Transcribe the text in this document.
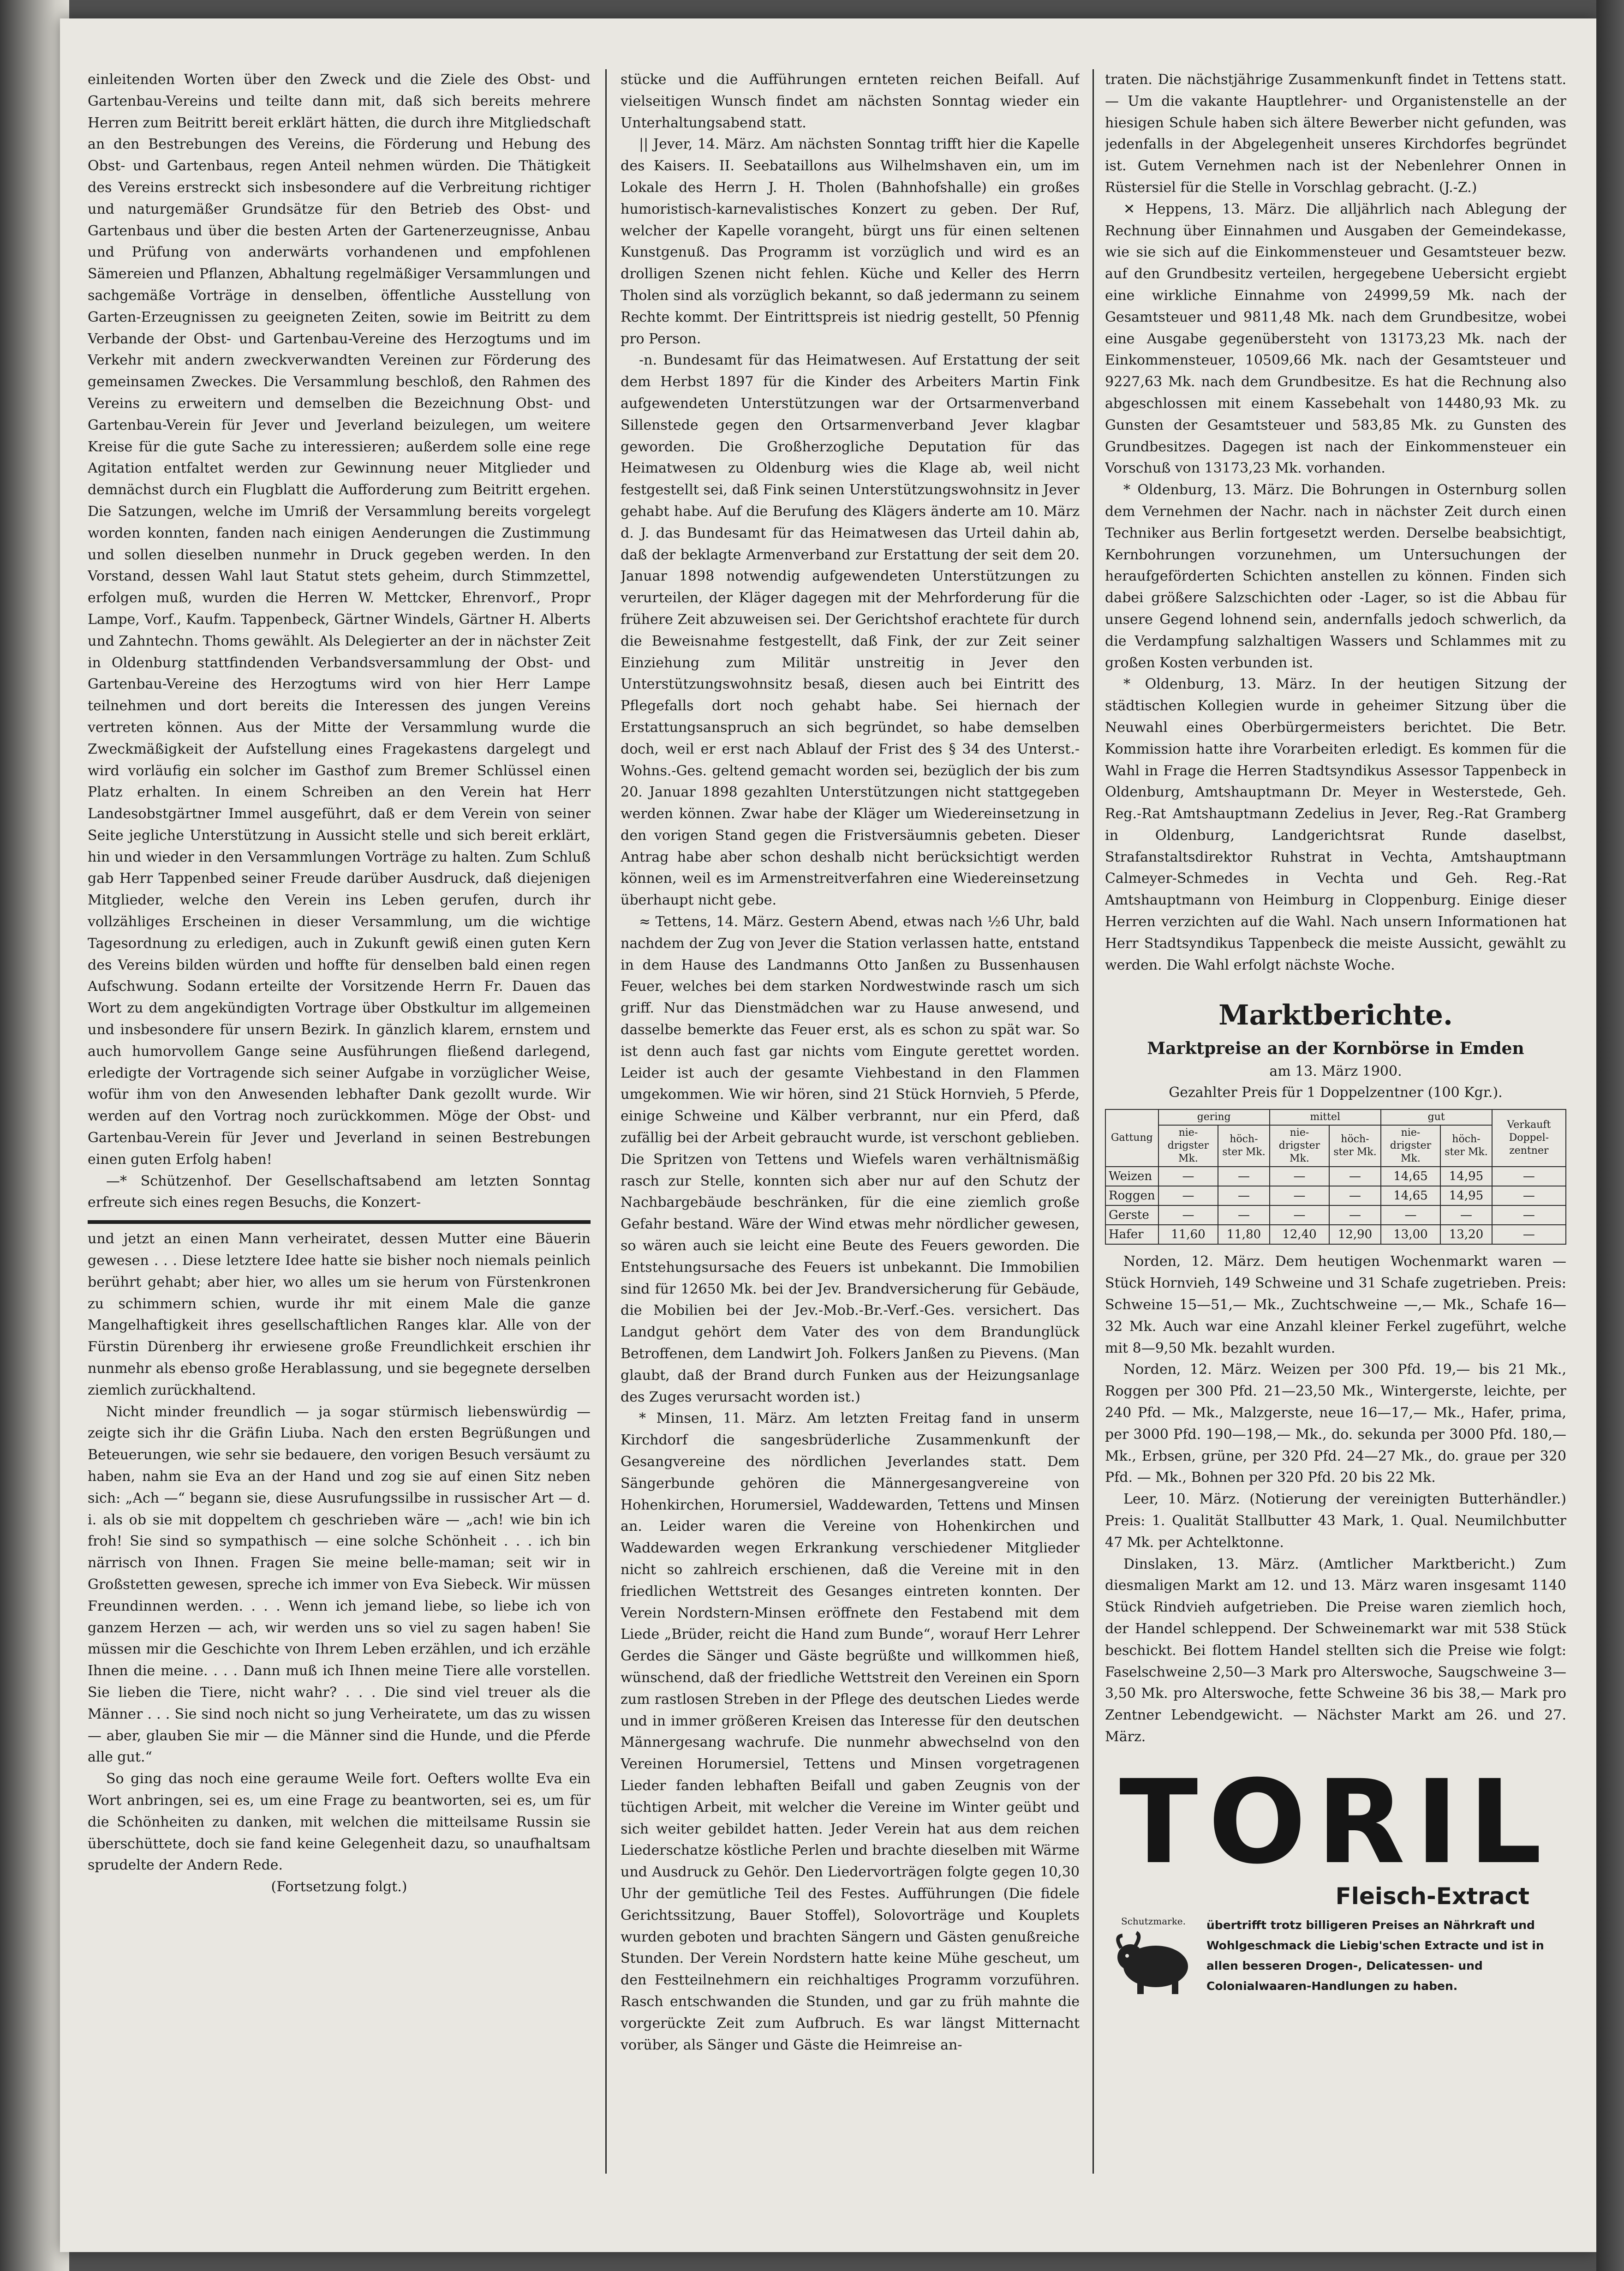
einleitenden Worten über den Zweck und die Ziele des Obst- und Gartenbau-Vereins und teilte dann mit, daß sich bereits mehrere Herren zum Beitritt bereit erklärt hätten, die durch ihre Mitgliedschaft an den Bestrebungen des Vereins, die Förderung und Hebung des Obst- und Gartenbaus, regen Anteil nehmen würden. Die Thätigkeit des Vereins erstreckt sich insbesondere auf die Verbreitung richtiger und naturgemäßer Grundsätze für den Betrieb des Obst- und Gartenbaus und über die besten Arten der Gartenerzeugnisse, Anbau und Prüfung von anderwärts vorhandenen und empfohlenen Sämereien und Pflanzen, Abhaltung regelmäßiger Versammlungen und sachgemäße Vorträge in denselben, öffentliche Ausstellung von Garten-Erzeugnissen zu geeigneten Zeiten, sowie im Beitritt zu dem Verbande der Obst- und Gartenbau-Vereine des Herzogtums und im Verkehr mit andern zweckverwandten Vereinen zur Förderung des gemeinsamen Zweckes. Die Versammlung beschloß, den Rahmen des Vereins zu erweitern und demselben die Bezeichnung Obst- und Gartenbau-Verein für Jever und Jeverland beizulegen, um weitere Kreise für die gute Sache zu interessieren; außerdem solle eine rege Agitation entfaltet werden zur Gewinnung neuer Mitglieder und demnächst durch ein Flugblatt die Aufforderung zum Beitritt ergehen. Die Satzungen, welche im Umriß der Versammlung bereits vorgelegt worden konnten, fanden nach einigen Aenderungen die Zustimmung und sollen dieselben nunmehr in Druck gegeben werden. In den Vorstand, dessen Wahl laut Statut stets geheim, durch Stimmzettel, erfolgen muß, wurden die Herren W. Mettcker, Ehrenvorf., Propr Lampe, Vorf., Kaufm. Tappenbeck, Gärtner Windels, Gärtner H. Alberts und Zahntechn. Thoms gewählt. Als Delegierter an der in nächster Zeit in Oldenburg stattfindenden Verbandsversammlung der Obst- und Gartenbau-Vereine des Herzogtums wird von hier Herr Lampe teilnehmen und dort bereits die Interessen des jungen Vereins vertreten können. Aus der Mitte der Versammlung wurde die Zweckmäßigkeit der Aufstellung eines Fragekastens dargelegt und wird vorläufig ein solcher im Gasthof zum Bremer Schlüssel einen Platz erhalten. In einem Schreiben an den Verein hat Herr Landesobstgärtner Immel ausgeführt, daß er dem Verein von seiner Seite jegliche Unterstützung in Aussicht stelle und sich bereit erklärt, hin und wieder in den Versammlungen Vorträge zu halten. Zum Schluß gab Herr Tappenbed seiner Freude darüber Ausdruck, daß diejenigen Mitglieder, welche den Verein ins Leben gerufen, durch ihr vollzähliges Erscheinen in dieser Versammlung, um die wichtige Tagesordnung zu erledigen, auch in Zukunft gewiß einen guten Kern des Vereins bilden würden und hoffte für denselben bald einen regen Aufschwung. Sodann erteilte der Vorsitzende Herrn Fr. Dauen das Wort zu dem angekündigten Vortrage über Obstkultur im allgemeinen und insbesondere für unsern Bezirk. In gänzlich klarem, ernstem und auch humorvollem Gange seine Ausführungen fließend darlegend, erledigte der Vortragende sich seiner Aufgabe in vorzüglicher Weise, wofür ihm von den Anwesenden lebhafter Dank gezollt wurde. Wir werden auf den Vortrag noch zurückkommen. Möge der Obst- und Gartenbau-Verein für Jever und Jeverland in seinen Bestrebungen einen guten Erfolg haben!

—* Schützenhof. Der Gesellschaftsabend am letzten Sonntag erfreute sich eines regen Besuchs, die Konzert-

und jetzt an einen Mann verheiratet, dessen Mutter eine Bäuerin gewesen . . . Diese letztere Idee hatte sie bisher noch niemals peinlich berührt gehabt; aber hier, wo alles um sie herum von Fürstenkronen zu schimmern schien, wurde ihr mit einem Male die ganze Mangelhaftigkeit ihres gesellschaftlichen Ranges klar. Alle von der Fürstin Dürenberg ihr erwiesene große Freundlichkeit erschien ihr nunmehr als ebenso große Herablassung, und sie begegnete derselben ziemlich zurückhaltend.

Nicht minder freundlich — ja sogar stürmisch liebenswürdig — zeigte sich ihr die Gräfin Liuba. Nach den ersten Begrüßungen und Beteuerungen, wie sehr sie bedauere, den vorigen Besuch versäumt zu haben, nahm sie Eva an der Hand und zog sie auf einen Sitz neben sich: „Ach —“ begann sie, diese Ausrufungssilbe in russischer Art — d. i. als ob sie mit doppeltem ch geschrieben wäre — „ach! wie bin ich froh! Sie sind so sympathisch — eine solche Schönheit . . . ich bin närrisch von Ihnen. Fragen Sie meine belle-maman; seit wir in Großstetten gewesen, spreche ich immer von Eva Siebeck. Wir müssen Freundinnen werden. . . . Wenn ich jemand liebe, so liebe ich von ganzem Herzen — ach, wir werden uns so viel zu sagen haben! Sie müssen mir die Geschichte von Ihrem Leben erzählen, und ich erzähle Ihnen die meine. . . . Dann muß ich Ihnen meine Tiere alle vorstellen. Sie lieben die Tiere, nicht wahr? . . . Die sind viel treuer als die Männer . . . Sie sind noch nicht so jung Verheiratete, um das zu wissen — aber, glauben Sie mir — die Männer sind die Hunde, und die Pferde alle gut.“

So ging das noch eine geraume Weile fort. Oefters wollte Eva ein Wort anbringen, sei es, um eine Frage zu beantworten, sei es, um für die Schönheiten zu danken, mit welchen die mitteilsame Russin sie überschüttete, doch sie fand keine Gelegenheit dazu, so unaufhaltsam sprudelte der Andern Rede.

(Fortsetzung folgt.)

stücke und die Aufführungen ernteten reichen Beifall. Auf vielseitigen Wunsch findet am nächsten Sonntag wieder ein Unterhaltungsabend statt.

|| Jever, 14. März. Am nächsten Sonntag trifft hier die Kapelle des Kaisers. II. Seebataillons aus Wilhelmshaven ein, um im Lokale des Herrn J. H. Tholen (Bahnhofshalle) ein großes humoristisch-karnevalistisches Konzert zu geben. Der Ruf, welcher der Kapelle vorangeht, bürgt uns für einen seltenen Kunstgenuß. Das Programm ist vorzüglich und wird es an drolligen Szenen nicht fehlen. Küche und Keller des Herrn Tholen sind als vorzüglich bekannt, so daß jedermann zu seinem Rechte kommt. Der Eintrittspreis ist niedrig gestellt, 50 Pfennig pro Person.

-n. Bundesamt für das Heimatwesen. Auf Erstattung der seit dem Herbst 1897 für die Kinder des Arbeiters Martin Fink aufgewendeten Unterstützungen war der Ortsarmenverband Sillenstede gegen den Ortsarmenverband Jever klagbar geworden. Die Großherzogliche Deputation für das Heimatwesen zu Oldenburg wies die Klage ab, weil nicht festgestellt sei, daß Fink seinen Unterstützungswohnsitz in Jever gehabt habe. Auf die Berufung des Klägers änderte am 10. März d. J. das Bundesamt für das Heimatwesen das Urteil dahin ab, daß der beklagte Armenverband zur Erstattung der seit dem 20. Januar 1898 notwendig aufgewendeten Unterstützungen zu verurteilen, der Kläger dagegen mit der Mehrforderung für die frühere Zeit abzuweisen sei. Der Gerichtshof erachtete für durch die Beweisnahme festgestellt, daß Fink, der zur Zeit seiner Einziehung zum Militär unstreitig in Jever den Unterstützungswohnsitz besaß, diesen auch bei Eintritt des Pflegefalls dort noch gehabt habe. Sei hiernach der Erstattungsanspruch an sich begründet, so habe demselben doch, weil er erst nach Ablauf der Frist des § 34 des Unterst.-Wohns.-Ges. geltend gemacht worden sei, bezüglich der bis zum 20. Januar 1898 gezahlten Unterstützungen nicht stattgegeben werden können. Zwar habe der Kläger um Wiedereinsetzung in den vorigen Stand gegen die Fristversäumnis gebeten. Dieser Antrag habe aber schon deshalb nicht berücksichtigt werden können, weil es im Armenstreitverfahren eine Wiedereinsetzung überhaupt nicht gebe.

≈ Tettens, 14. März. Gestern Abend, etwas nach ½6 Uhr, bald nachdem der Zug von Jever die Station verlassen hatte, entstand in dem Hause des Landmanns Otto Janßen zu Bussenhausen Feuer, welches bei dem starken Nordwestwinde rasch um sich griff. Nur das Dienstmädchen war zu Hause anwesend, und dasselbe bemerkte das Feuer erst, als es schon zu spät war. So ist denn auch fast gar nichts vom Eingute gerettet worden. Leider ist auch der gesamte Viehbestand in den Flammen umgekommen. Wie wir hören, sind 21 Stück Hornvieh, 5 Pferde, einige Schweine und Kälber verbrannt, nur ein Pferd, daß zufällig bei der Arbeit gebraucht wurde, ist verschont geblieben. Die Spritzen von Tettens und Wiefels waren verhältnismäßig rasch zur Stelle, konnten sich aber nur auf den Schutz der Nachbargebäude beschränken, für die eine ziemlich große Gefahr bestand. Wäre der Wind etwas mehr nördlicher gewesen, so wären auch sie leicht eine Beute des Feuers geworden. Die Entstehungsursache des Feuers ist unbekannt. Die Immobilien sind für 12650 Mk. bei der Jev. Brandversicherung für Gebäude, die Mobilien bei der Jev.-Mob.-Br.-Verf.-Ges. versichert. Das Landgut gehört dem Vater des von dem Brandunglück Betroffenen, dem Landwirt Joh. Folkers Janßen zu Pievens. (Man glaubt, daß der Brand durch Funken aus der Heizungsanlage des Zuges verursacht worden ist.)

* Minsen, 11. März. Am letzten Freitag fand in unserm Kirchdorf die sangesbrüderliche Zusammenkunft der Gesangvereine des nördlichen Jeverlandes statt. Dem Sängerbunde gehören die Männergesangvereine von Hohenkirchen, Horumersiel, Waddewarden, Tettens und Minsen an. Leider waren die Vereine von Hohenkirchen und Waddewarden wegen Erkrankung verschiedener Mitglieder nicht so zahlreich erschienen, daß die Vereine mit in den friedlichen Wettstreit des Gesanges eintreten konnten. Der Verein Nordstern-Minsen eröffnete den Festabend mit dem Liede „Brüder, reicht die Hand zum Bunde“, worauf Herr Lehrer Gerdes die Sänger und Gäste begrüßte und willkommen hieß, wünschend, daß der friedliche Wettstreit den Vereinen ein Sporn zum rastlosen Streben in der Pflege des deutschen Liedes werde und in immer größeren Kreisen das Interesse für den deutschen Männergesang wachrufe. Die nunmehr abwechselnd von den Vereinen Horumersiel, Tettens und Minsen vorgetragenen Lieder fanden lebhaften Beifall und gaben Zeugnis von der tüchtigen Arbeit, mit welcher die Vereine im Winter geübt und sich weiter gebildet hatten. Jeder Verein hat aus dem reichen Liederschatze köstliche Perlen und brachte dieselben mit Wärme und Ausdruck zu Gehör. Den Liedervorträgen folgte gegen 10,30 Uhr der gemütliche Teil des Festes. Aufführungen (Die fidele Gerichtssitzung, Bauer Stoffel), Solovorträge und Kouplets wurden geboten und brachten Sängern und Gästen genußreiche Stunden. Der Verein Nordstern hatte keine Mühe gescheut, um den Festteilnehmern ein reichhaltiges Programm vorzuführen. Rasch entschwanden die Stunden, und gar zu früh mahnte die vorgerückte Zeit zum Aufbruch. Es war längst Mitternacht vorüber, als Sänger und Gäste die Heimreise an-

traten. Die nächstjährige Zusammenkunft findet in Tettens statt. — Um die vakante Hauptlehrer- und Organistenstelle an der hiesigen Schule haben sich ältere Bewerber nicht gefunden, was jedenfalls in der Abgelegenheit unseres Kirchdorfes begründet ist. Gutem Vernehmen nach ist der Nebenlehrer Onnen in Rüstersiel für die Stelle in Vorschlag gebracht. (J.-Z.)

✕ Heppens, 13. März. Die alljährlich nach Ablegung der Rechnung über Einnahmen und Ausgaben der Gemeindekasse, wie sie sich auf die Einkommensteuer und Gesamtsteuer bezw. auf den Grundbesitz verteilen, hergegebene Uebersicht ergiebt eine wirkliche Einnahme von 24999,59 Mk. nach der Gesamtsteuer und 9811,48 Mk. nach dem Grundbesitze, wobei eine Ausgabe gegenübersteht von 13173,23 Mk. nach der Einkommensteuer, 10509,66 Mk. nach der Gesamtsteuer und 9227,63 Mk. nach dem Grundbesitze. Es hat die Rechnung also abgeschlossen mit einem Kassebehalt von 14480,93 Mk. zu Gunsten der Gesamtsteuer und 583,85 Mk. zu Gunsten des Grundbesitzes. Dagegen ist nach der Einkommensteuer ein Vorschuß von 13173,23 Mk. vorhanden.

* Oldenburg, 13. März. Die Bohrungen in Osternburg sollen dem Vernehmen der Nachr. nach in nächster Zeit durch einen Techniker aus Berlin fortgesetzt werden. Derselbe beabsichtigt, Kernbohrungen vorzunehmen, um Untersuchungen der heraufgeförderten Schichten anstellen zu können. Finden sich dabei größere Salzschichten oder -Lager, so ist die Abbau für unsere Gegend lohnend sein, andernfalls jedoch schwerlich, da die Verdampfung salzhaltigen Wassers und Schlammes mit zu großen Kosten verbunden ist.

* Oldenburg, 13. März. In der heutigen Sitzung der städtischen Kollegien wurde in geheimer Sitzung über die Neuwahl eines Oberbürgermeisters berichtet. Die Betr. Kommission hatte ihre Vorarbeiten erledigt. Es kommen für die Wahl in Frage die Herren Stadtsyndikus Assessor Tappenbeck in Oldenburg, Amtshauptmann Dr. Meyer in Westerstede, Geh. Reg.-Rat Amtshauptmann Zedelius in Jever, Reg.-Rat Gramberg in Oldenburg, Landgerichtsrat Runde daselbst, Strafanstaltsdirektor Ruhstrat in Vechta, Amtshauptmann Calmeyer-Schmedes in Vechta und Geh. Reg.-Rat Amtshauptmann von Heimburg in Cloppenburg. Einige dieser Herren verzichten auf die Wahl. Nach unsern Informationen hat Herr Stadtsyndikus Tappenbeck die meiste Aussicht, gewählt zu werden. Die Wahl erfolgt nächste Woche.

Marktberichte.
Marktpreise an der Kornbörse in Emden
am 13. März 1900.
Gezahlter Preis für 1 Doppelzentner (100 Kgr.).
Gattung	gering		mittel		gut		Verkauft Doppel-zentner
	nie-drigster Mk.	höch-ster Mk.	nie-drigster Mk.	höch-ster Mk.	nie-drigster Mk.	höch-ster Mk.	
Weizen	—	—	—	—	14,65	14,95	—
Roggen	—	—	—	—	14,65	14,95	—
Gerste	—	—	—	—	—	—	—
Hafer	11,60	11,80	12,40	12,90	13,00	13,20	—

Norden, 12. März. Dem heutigen Wochenmarkt waren — Stück Hornvieh, 149 Schweine und 31 Schafe zugetrieben. Preis: Schweine 15—51,— Mk., Zuchtschweine —,— Mk., Schafe 16—32 Mk. Auch war eine Anzahl kleiner Ferkel zugeführt, welche mit 8—9,50 Mk. bezahlt wurden.

Norden, 12. März. Weizen per 300 Pfd. 19,— bis 21 Mk., Roggen per 300 Pfd. 21—23,50 Mk., Wintergerste, leichte, per 240 Pfd. — Mk., Malzgerste, neue 16—17,— Mk., Hafer, prima, per 3000 Pfd. 190—198,— Mk., do. sekunda per 3000 Pfd. 180,— Mk., Erbsen, grüne, per 320 Pfd. 24—27 Mk., do. graue per 320 Pfd. — Mk., Bohnen per 320 Pfd. 20 bis 22 Mk.

Leer, 10. März. (Notierung der vereinigten Butterhändler.) Preis: 1. Qualität Stallbutter 43 Mark, 1. Qual. Neumilchbutter 47 Mk. per Achtelktonne.

Dinslaken, 13. März. (Amtlicher Marktbericht.) Zum diesmaligen Markt am 12. und 13. März waren insgesamt 1140 Stück Rindvieh aufgetrieben. Die Preise waren ziemlich hoch, der Handel schleppend. Der Schweinemarkt war mit 538 Stück beschickt. Bei flottem Handel stellten sich die Preise wie folgt: Faselschweine 2,50—3 Mark pro Alterswoche, Saugschweine 3—3,50 Mk. pro Alterswoche, fette Schweine 36 bis 38,— Mark pro Zentner Lebendgewicht. — Nächster Markt am 26. und 27. März.

TORIL
Fleisch-Extract
Schutzmarke.	übertrifft trotz billigeren Preises an Nährkraft und Wohlgeschmack die Liebig'schen Extracte und ist in allen besseren Drogen-, Delicatessen- und Colonialwaaren-Handlungen zu haben.
